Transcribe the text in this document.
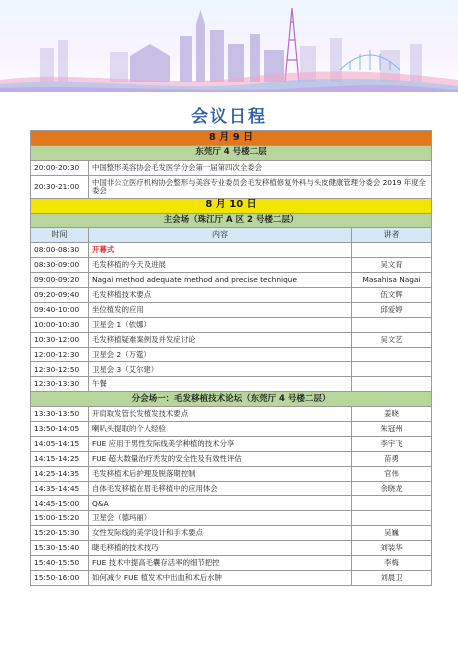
会议日程
8 月 9 日		
东莞厅 4 号楼二层		
20:00-20:30	中国整形美容协会毛发医学分会第一届第四次全委会	
20:30-21:00	中国非公立医疗机构协会整形与美容专业委员会毛发移植修复外科与头皮健康管理分委会 2019 年度全委会	
8 月 10 日		
主会场（珠江厅 A 区 2 号楼二层）		
时间	内容	讲者
08:00-08:30	开幕式	
08:30-09:00	毛发移植的今天及进展	吴文育
09:00-09:20	Nagai method adequate method and precise technique	Masahisa Nagai
09:20-09:40	毛发移植技术要点	伍文辉
09:40-10:00	坐位植发的应用	邱爱婷
10:00-10:30	卫星会 1（依娜）	
10:30-12:00	毛发移植疑难案例及并发症讨论	吴文艺
12:00-12:30	卫星会 2（万霆）	
12:30-12:50	卫星会 3（艾尔建）	
12:30-13:30	午餐	
分会场一：毛发移植技术论坛（东莞厅 4 号楼二层）		
13:30-13:50	开肩取发管长发植发技术要点	姜晓
13:50-14:05	喇叭头提取的个人经验	朱冠州
14:05-14:15	FUE 应用于男性发际线美学种植的技术分享	李宇飞
14:15-14:25	FUE 超大数量治疗秃发的安全性及有效性评估	苗勇
14:25-14:35	毛发移植术后护理及脱落期控制	官伟
14:35-14:45	自体毛发移植在眉毛移植中的应用体会	余晓龙
14:45-15:00	Q&A	
15:00-15:20	卫星会（德玛丽）	
15:20-15:30	女性发际线的美学设计和手术要点	吴巍
15:30-15:40	睫毛移植的技术技巧	刘装华
15:40-15:50	FUE 技术中提高毛囊存活率的细节把控	李梅
15:50-16:00	如何减少 FUE 植发术中出血和术后水肿	刘晨卫
